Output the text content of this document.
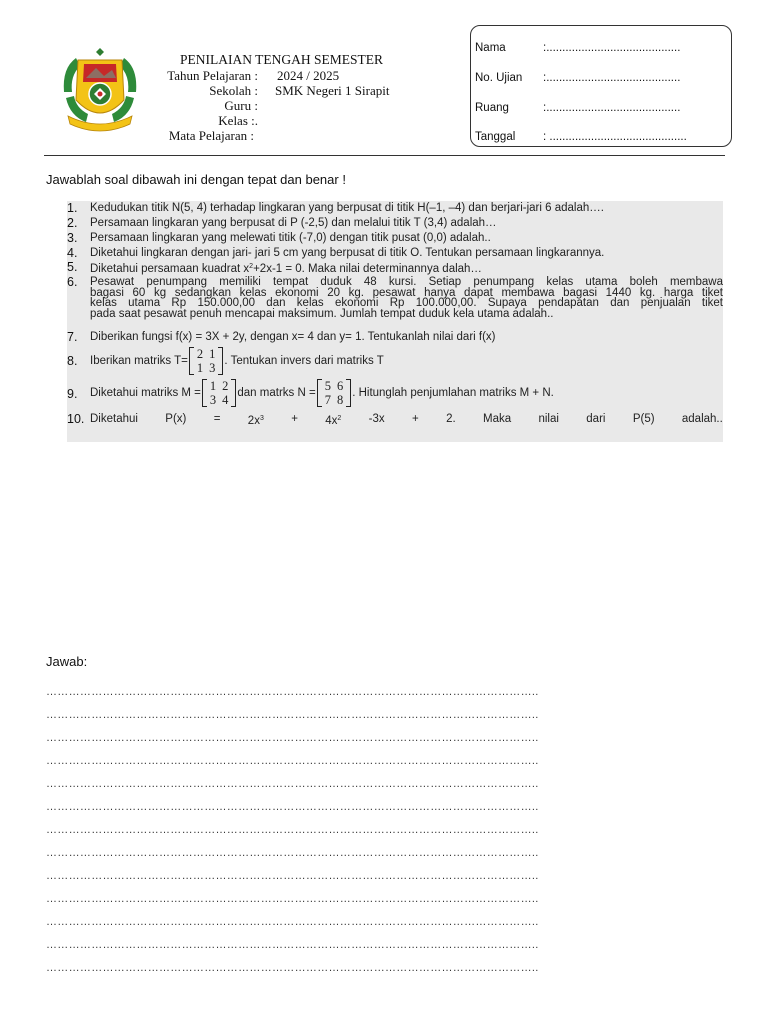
PENILAIAN TENGAH SEMESTER
Tahun Pelajaran : 2024 / 2025
Sekolah : SMK Negeri 1 Sirapit
Guru :
Kelas :.
Mata Pelajaran :
Nama	:..........................................
No. Ujian :..........................................
Ruang	:..........................................
Tanggal : ...........................................
Jawablah soal dibawah ini dengan tepat dan benar !
1. Kedudukan titik N(5, 4) terhadap lingkaran yang berpusat di titik H(–1, –4) dan berjari-jari 6 adalah….
2. Persamaan lingkaran yang berpusat di P (-2,5) dan melalui titik T (3,4) adalah…
3. Persamaan lingkaran yang melewati titik (-7,0) dengan titik pusat (0,0) adalah..
4. Diketahui lingkaran dengan jari- jari 5 cm yang berpusat di titik O. Tentukan persamaan lingkarannya.
5. Diketahui persamaan kuadrat $x^2+2x-1 = 0$. Maka nilai determinannya dalah…
6. Pesawat penumpang memiliki tempat duduk 48 kursi. Setiap penumpang kelas utama boleh membawa
bagasi 60 kg sedangkan kelas ekonomi 20 kg. pesawat hanya dapat membawa bagasi 1440 kg. harga tiket
kelas utama Rp 150.000,00 dan kelas ekonomi Rp 100.000,00. Supaya pendapatan dan penjualan tiket
pada saat pesawat penuh mencapai maksimum. Jumlah tempat duduk kela utama adalah..
7. Diberikan fungsi f(x) = 3X + 2y, dengan x= 4 dan y= 1. Tentukanlah nilai dari f(x)
8. Iberikan matriks T=
2	1
1	3 . Tentukan invers dari matriks T
9. Diketahui matriks M =
1	2
3	4 dan matrks N =
5	6
7	8 . Hitunglah penjumlahan matriks M + N.
10. Diketahui $P(x) = 2x^3 + 4x^2$ -3x + 2. Maka nilai dari P(5) adalah..
Jawab:
…………………………………………………………………………………………………………………..
…………………………………………………………………………………………………………………..
…………………………………………………………………………………………………………………..
…………………………………………………………………………………………………………………..
…………………………………………………………………………………………………………………..
…………………………………………………………………………………………………………………..
…………………………………………………………………………………………………………………..
…………………………………………………………………………………………………………………..
…………………………………………………………………………………………………………………..
…………………………………………………………………………………………………………………..
…………………………………………………………………………………………………………………..
…………………………………………………………………………………………………………………..
…………………………………………………………………………………………………………………..
